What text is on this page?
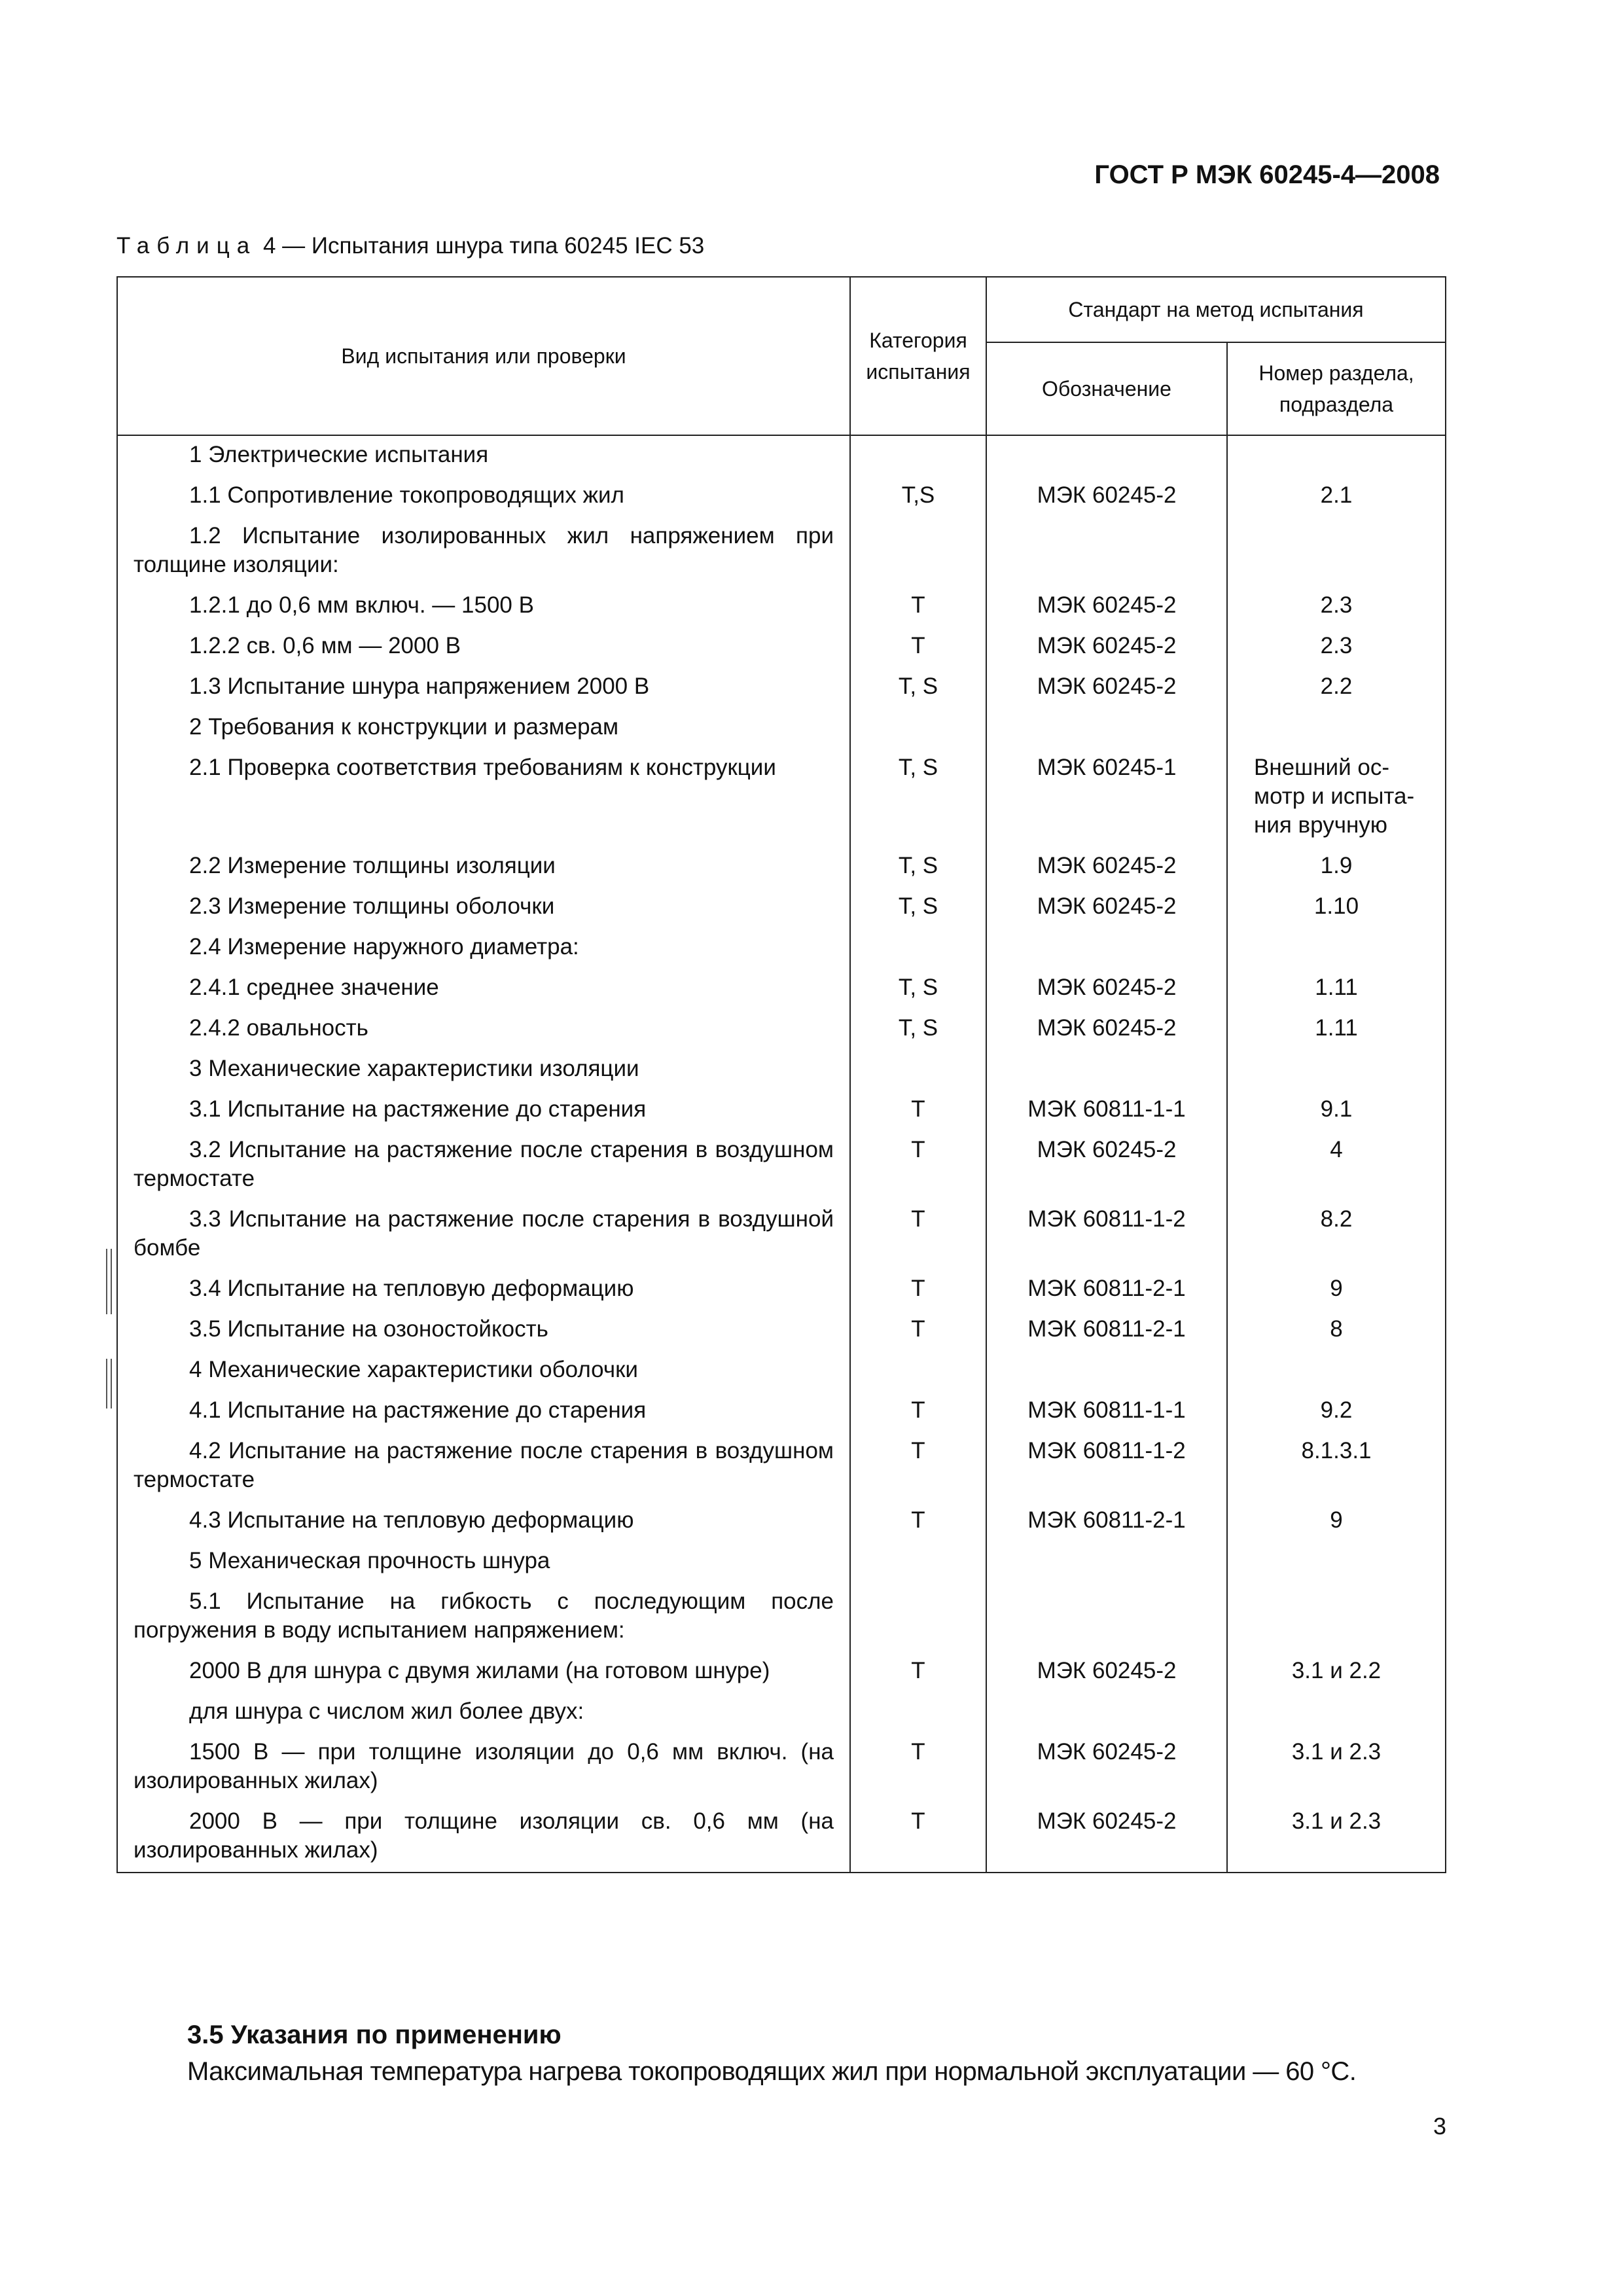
ГОСТ Р МЭК 60245-4—2008
Таблица 4 — Испытания шнура типа 60245 IEC 53
Вид испытания или проверки	Категория испытания	Стандарт на метод испытания	
		Обозначение	Номер раздела, подраздела
1 Электрические испытания			
1.1 Сопротивление токопроводящих жил	T,S	МЭК 60245-2	2.1
1.2 Испытание изолированных жил напряжением при толщине изоляции:			
1.2.1 до 0,6 мм включ. — 1500 В	T	МЭК 60245-2	2.3
1.2.2 св. 0,6 мм — 2000 В	T	МЭК 60245-2	2.3
1.3 Испытание шнура напряжением 2000 В	T, S	МЭК 60245-2	2.2
2 Требования к конструкции и размерам			
2.1 Проверка соответствия требованиям к конструкции	T, S	МЭК 60245-1	Внешний ос-
мотр и испыта-
ния вручную

2.2 Измерение толщины изоляции	T, S	МЭК 60245-2	1.9
2.3 Измерение толщины оболочки	T, S	МЭК 60245-2	1.10
2.4 Измерение наружного диаметра:			
2.4.1 среднее значение	T, S	МЭК 60245-2	1.11
2.4.2 овальность	T, S	МЭК 60245-2	1.11
3 Механические характеристики изоляции			
3.1 Испытание на растяжение до старения	T	МЭК 60811-1-1	9.1
3.2 Испытание на растяжение после старения в воздушном термостате	T	МЭК 60245-2	4
3.3 Испытание на растяжение после старения в воздушной бомбе	T	МЭК 60811-1-2	8.2
3.4 Испытание на тепловую деформацию	T	МЭК 60811-2-1	9
3.5 Испытание на озоностойкость	T	МЭК 60811-2-1	8
4 Механические характеристики оболочки			
4.1 Испытание на растяжение до старения	T	МЭК 60811-1-1	9.2
4.2 Испытание на растяжение после старения в воздушном термостате	T	МЭК 60811-1-2	8.1.3.1
4.3 Испытание на тепловую деформацию	T	МЭК 60811-2-1	9
5 Механическая прочность шнура			
5.1 Испытание на гибкость с последующим после погружения в воду испытанием напряжением:			
2000 В для шнура с двумя жилами (на готовом шнуре)	T	МЭК 60245-2	3.1 и 2.2
для шнура с числом жил более двух:			
1500 В — при толщине изоляции до 0,6 мм включ. (на изолированных жилах)	T	МЭК 60245-2	3.1 и 2.3
2000 В — при толщине изоляции св. 0,6 мм (на изолированных жилах)	T	МЭК 60245-2	3.1 и 2.3
3.5 Указания по применению
Максимальная температура нагрева токопроводящих жил при нормальной эксплуатации — 60 °C.
3
